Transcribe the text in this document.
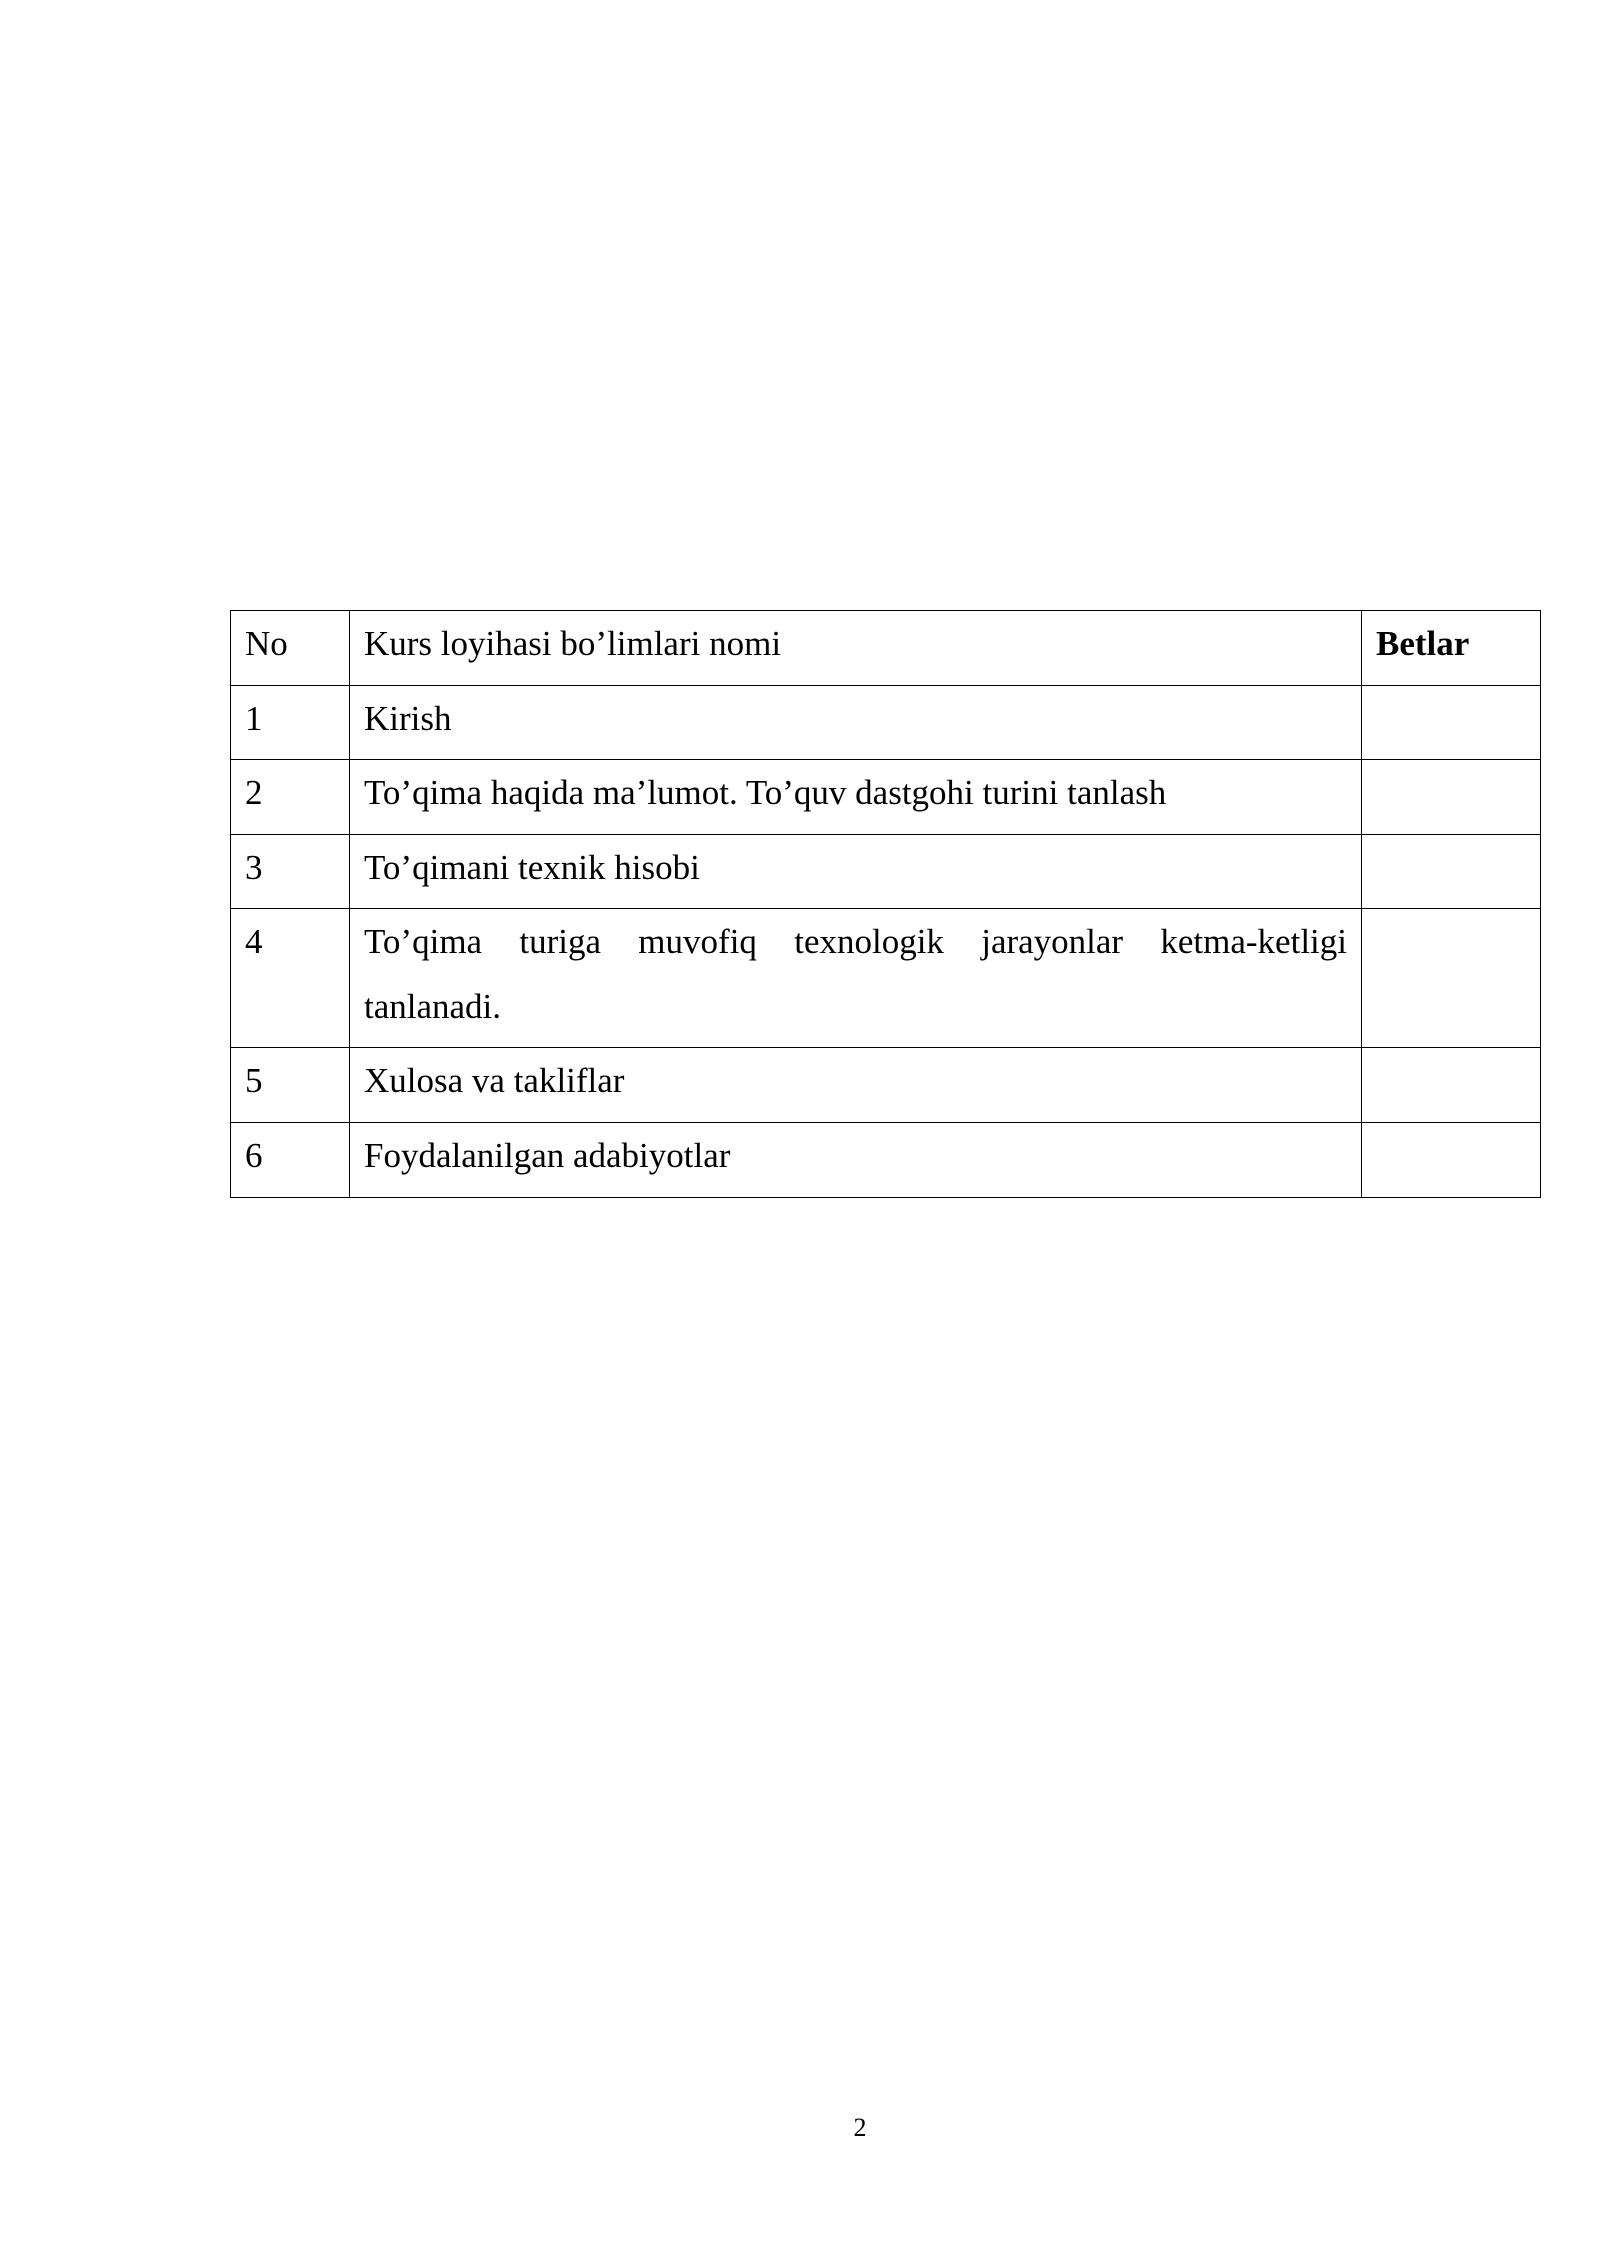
No	Kurs loyihasi bo’limlari nomi	Betlar
1	Kirish	
2	To’qima haqida ma’lumot. To’quv dastgohi turini tanlash	
3	To’qimani texnik hisobi	
4	To’qima turiga muvofiq texnologik jarayonlar ketma-ketligi tanlanadi.	
5	Xulosa va takliflar	
6	Foydalanilgan adabiyotlar	
2
